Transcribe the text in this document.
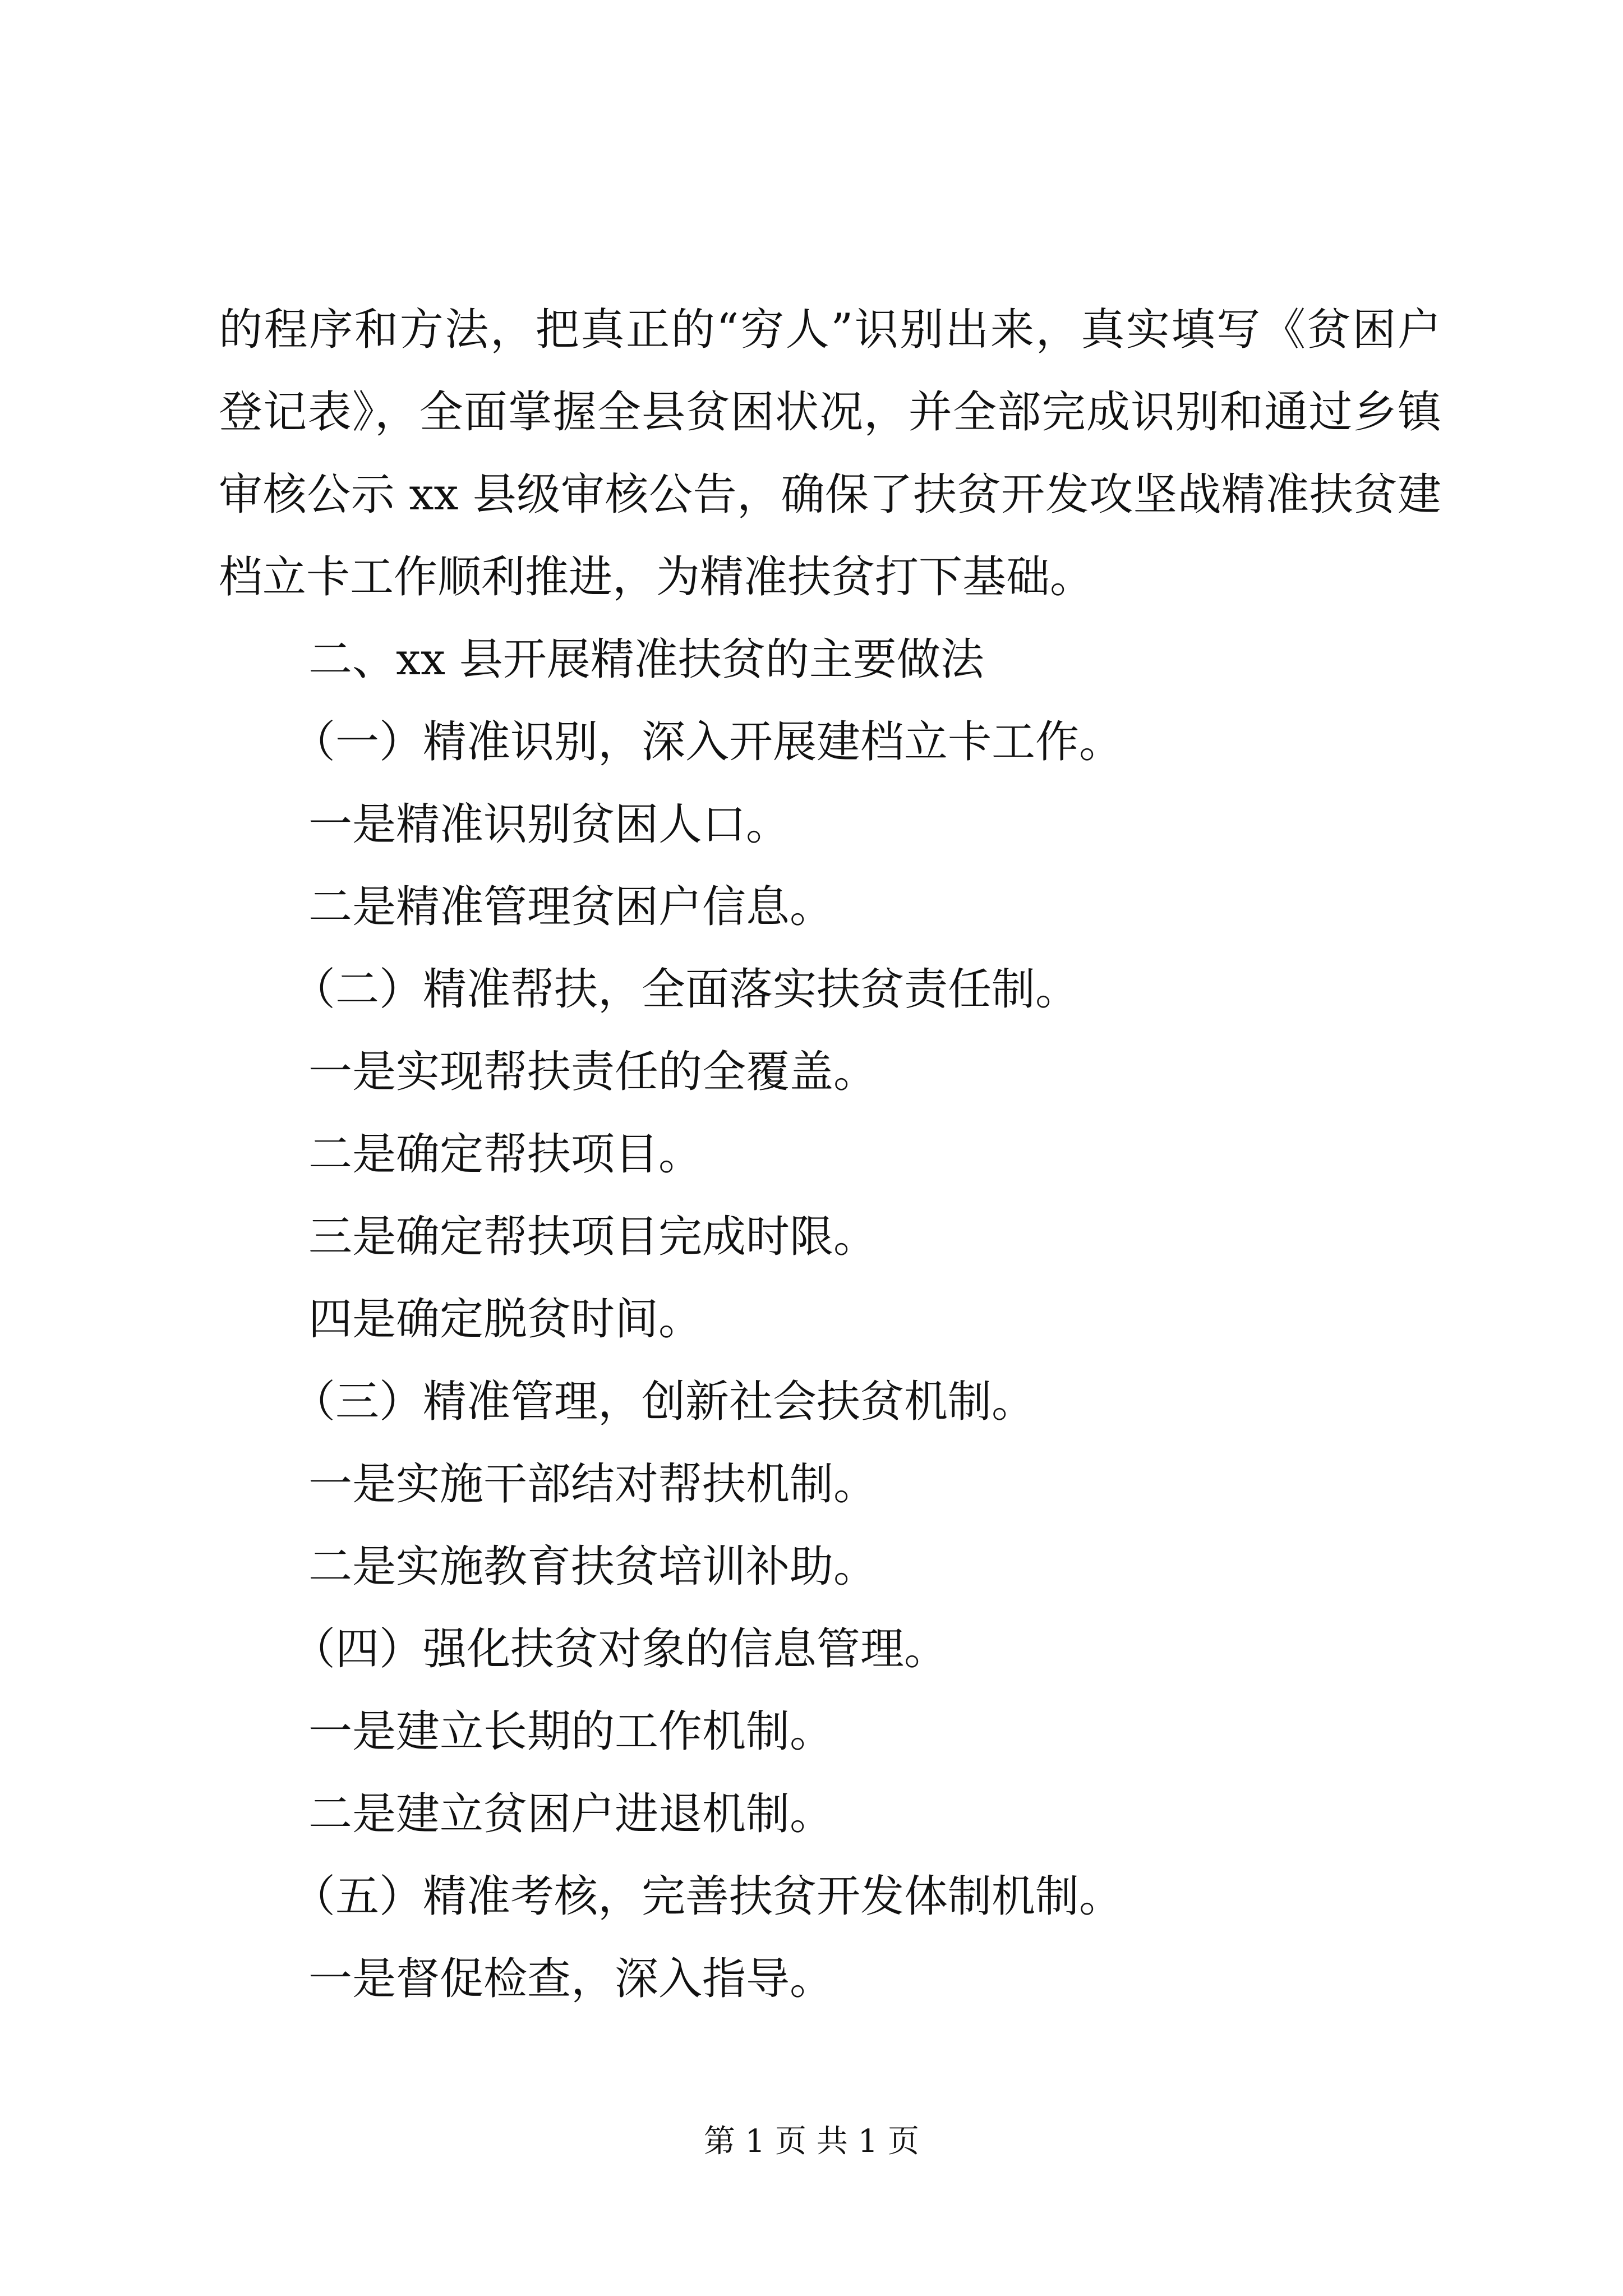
的程序和方法，把真正的“穷人”识别出来，真实填写《贫困户
登记表》，全面掌握全县贫困状况，并全部完成识别和通过乡镇
审核公示 xx 县级审核公告，确保了扶贫开发攻坚战精准扶贫建
档立卡工作顺利推进，为精准扶贫打下基础。
二、xx 县开展精准扶贫的主要做法
（一）精准识别，深入开展建档立卡工作。
一是精准识别贫困人口。
二是精准管理贫困户信息。
（二）精准帮扶，全面落实扶贫责任制。
一是实现帮扶责任的全覆盖。
二是确定帮扶项目。
三是确定帮扶项目完成时限。
四是确定脱贫时间。
（三）精准管理，创新社会扶贫机制。
一是实施干部结对帮扶机制。
二是实施教育扶贫培训补助。
（四）强化扶贫对象的信息管理。
一是建立长期的工作机制。
二是建立贫困户进退机制。
（五）精准考核，完善扶贫开发体制机制。
一是督促检查，深入指导。
第 1 页 共 1 页
